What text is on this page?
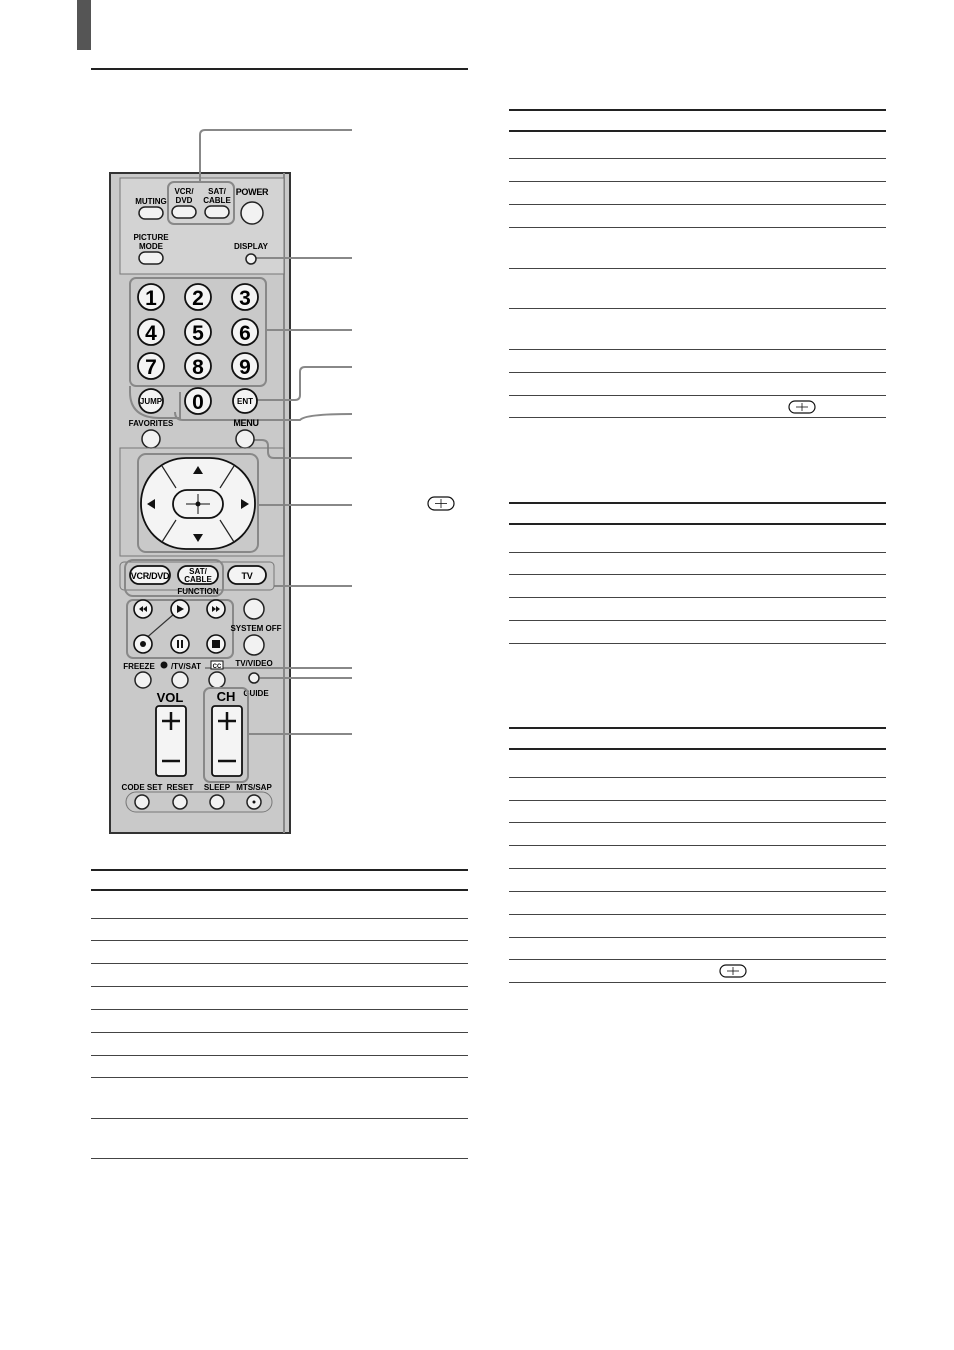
VCR/
DVD
SAT/
CABLE
POWER
MUTING
PICTURE
MODE	DISPLAY
1 2 3
4 5 6
7 8 9
0
JUMP	ENT
FAVORITES	MENU
VCR/DVD SAT/
CABLE	TV
FUNCTION
SYSTEM OFF
FREEZE /TV/SAT CC TV/VIDEO
GUIDE
VOL	CH
CODE SET RESET SLEEP MTS/SAP
